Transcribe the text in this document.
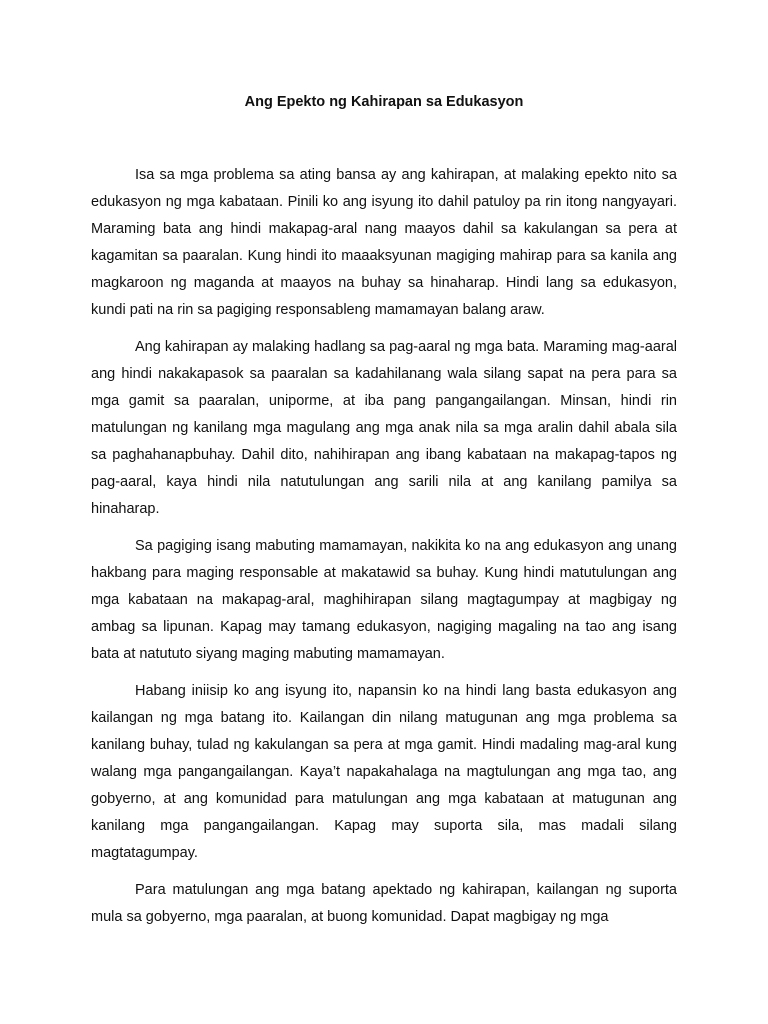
Ang Epekto ng Kahirapan sa Edukasyon

Isa sa mga problema sa ating bansa ay ang kahirapan, at malaking epekto nito sa edukasyon ng mga kabataan. Pinili ko ang isyung ito dahil patuloy pa rin itong nangyayari. Maraming bata ang hindi makapag-aral nang maayos dahil sa kakulangan sa pera at kagamitan sa paaralan. Kung hindi ito maaaksyunan magiging mahirap para sa kanila ang magkaroon ng maganda at maayos na buhay sa hinaharap. Hindi lang sa edukasyon, kundi pati na rin sa pagiging responsableng mamamayan balang araw.

Ang kahirapan ay malaking hadlang sa pag-aaral ng mga bata. Maraming mag-aaral ang hindi nakakapasok sa paaralan sa kadahilanang wala silang sapat na pera para sa mga gamit sa paaralan, uniporme, at iba pang pangangailangan. Minsan, hindi rin matulungan ng kanilang mga magulang ang mga anak nila sa mga aralin dahil abala sila sa paghahanapbuhay. Dahil dito, nahihirapan ang ibang kabataan na makapag-tapos ng pag-aaral, kaya hindi nila natutulungan ang sarili nila at ang kanilang pamilya sa hinaharap.

Sa pagiging isang mabuting mamamayan, nakikita ko na ang edukasyon ang unang hakbang para maging responsable at makatawid sa buhay. Kung hindi matutulungan ang mga kabataan na makapag-aral, maghihirapan silang magtagumpay at magbigay ng ambag sa lipunan. Kapag may tamang edukasyon, nagiging magaling na tao ang isang bata at natututo siyang maging mabuting mamamayan.

Habang iniisip ko ang isyung ito, napansin ko na hindi lang basta edukasyon ang kailangan ng mga batang ito. Kailangan din nilang matugunan ang mga problema sa kanilang buhay, tulad ng kakulangan sa pera at mga gamit. Hindi madaling mag-aral kung walang mga pangangailangan. Kaya’t napakahalaga na magtulungan ang mga tao, ang gobyerno, at ang komunidad para matulungan ang mga kabataan at matugunan ang kanilang mga pangangailangan. Kapag may suporta sila, mas madali silang magtatagumpay.

Para matulungan ang mga batang apektado ng kahirapan, kailangan ng suporta mula sa gobyerno, mga paaralan, at buong komunidad. Dapat magbigay ng mga
